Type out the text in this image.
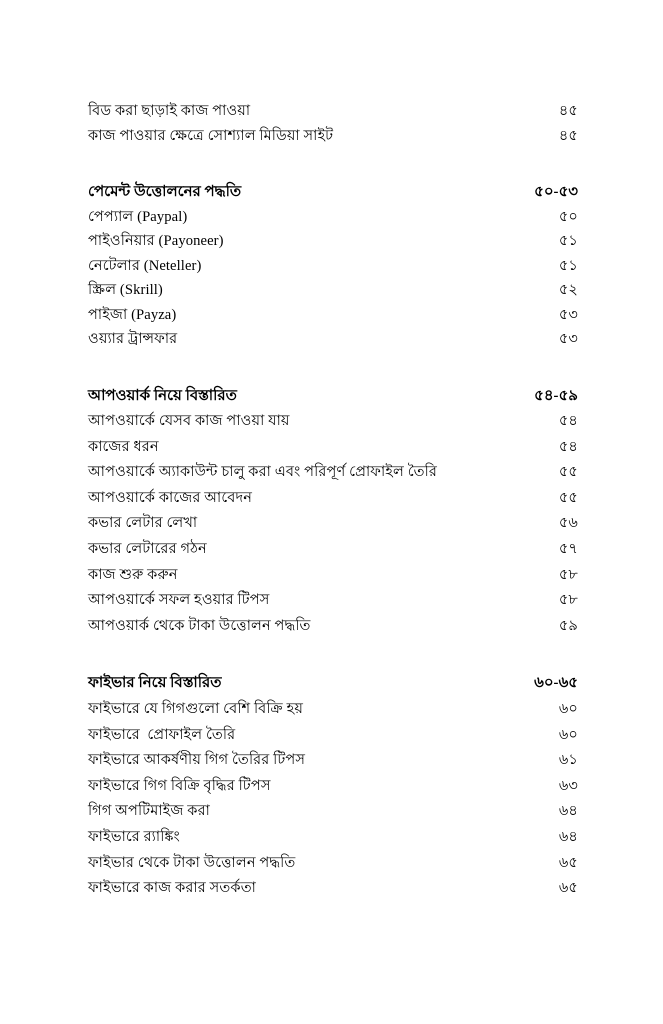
বিড করা ছাড়াই কাজ পাওয়া	৪৫
কাজ পাওয়ার ক্ষেত্রে সোশ্যাল মিডিয়া সাইট	৪৫
পেমেন্ট উত্তোলনের পদ্ধতি	৫০-৫৩
পেপ্যাল (Paypal)	৫০
পাইওনিয়ার (Payoneer)	৫১
নেটেলার (Neteller)	৫১
স্ক্রিল (Skrill)	৫২
পাইজা (Payza)	৫৩
ওয়্যার ট্রান্সফার	৫৩
আপওয়ার্ক নিয়ে বিস্তারিত	৫৪-৫৯
আপওয়ার্কে যেসব কাজ পাওয়া যায়	৫৪
কাজের ধরন	৫৪
আপওয়ার্কে অ্যাকাউন্ট চালু করা এবং পরিপূর্ণ প্রোফাইল তৈরি	৫৫
আপওয়ার্কে কাজের আবেদন	৫৫
কভার লেটার লেখা	৫৬
কভার লেটারের গঠন	৫৭
কাজ শুরু করুন	৫৮
আপওয়ার্কে সফল হওয়ার টিপস	৫৮
আপওয়ার্ক থেকে টাকা উত্তোলন পদ্ধতি	৫৯
ফাইভার নিয়ে বিস্তারিত	৬০-৬৫
ফাইভারে যে গিগগুলো বেশি বিক্রি হয়	৬০
ফাইভারে  প্রোফাইল তৈরি	৬০
ফাইভারে আকর্ষণীয় গিগ তৈরির টিপস	৬১
ফাইভারে গিগ বিক্রি বৃদ্ধির টিপস	৬৩
গিগ অপটিমাইজ করা	৬৪
ফাইভারে র‍্যাঙ্কিং	৬৪
ফাইভার থেকে টাকা উত্তোলন পদ্ধতি	৬৫
ফাইভারে কাজ করার সতর্কতা	৬৫
